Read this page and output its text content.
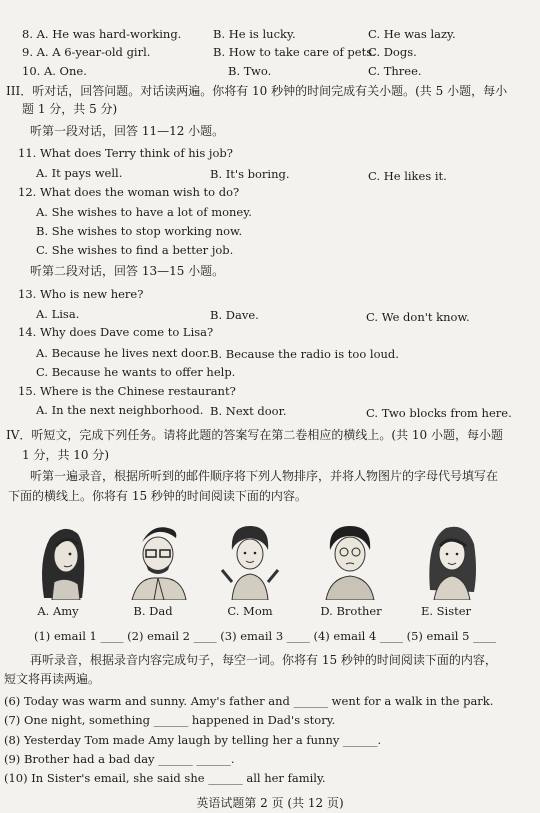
8. A. He was hard-working.	B. He is lucky.	C. He was lazy.
9. A. A 6-year-old girl.	B. How to take care of pets.
C. Dogs.
10. A. One.	B. Two.	C. Three.
III．听对话，回答问题。对话读两遍。你将有 10 秒钟的时间完成有关小题。(共 5 小题，每小
题 1 分，共 5 分)
听第一段对话，回答 11—12 小题。
11. What does Terry think of his job?
A. It pays well.	B. It's boring.	C. He likes it.
12. What does the woman wish to do?
A. She wishes to have a lot of money.
B. She wishes to stop working now.
C. She wishes to find a better job.
听第二段对话，回答 13—15 小题。
13. Who is new here?
A. Lisa.	B. Dave.	C. We don't know.
14. Why does Dave come to Lisa?
A. Because he lives next door. B. Because the radio is too loud.
C. Because he wants to offer help.
15. Where is the Chinese restaurant?
A. In the next neighborhood. B. Next door.	C. Two blocks from here.
IV．听短文，完成下列任务。请将此题的答案写在第二卷相应的横线上。(共 10 小题，每小题
1 分，共 10 分)
听第一遍录音，根据所听到的邮件顺序将下列人物排序，并将人物图片的字母代号填写在
下面的横线上。你将有 15 秒钟的时间阅读下面的内容。
A. Amy	B. Dad	C. Mom	D. Brother	E. Sister
(1) email 1 ____ (2) email 2 ____ (3) email 3 ____ (4) email 4 ____ (5) email 5 ____
再听录音，根据录音内容完成句子，每空一词。你将有 15 秒钟的时间阅读下面的内容，
短文将再读两遍。
(6) Today was warm and sunny. Amy's father and ______ went for a walk in the park.
(7) One night, something ______ happened in Dad's story.
(8) Yesterday Tom made Amy laugh by telling her a funny ______.
(9) Brother had a bad day ______ ______.
(10) In Sister's email, she said she ______ all her family.
英语试题第 2 页 (共 12 页)
